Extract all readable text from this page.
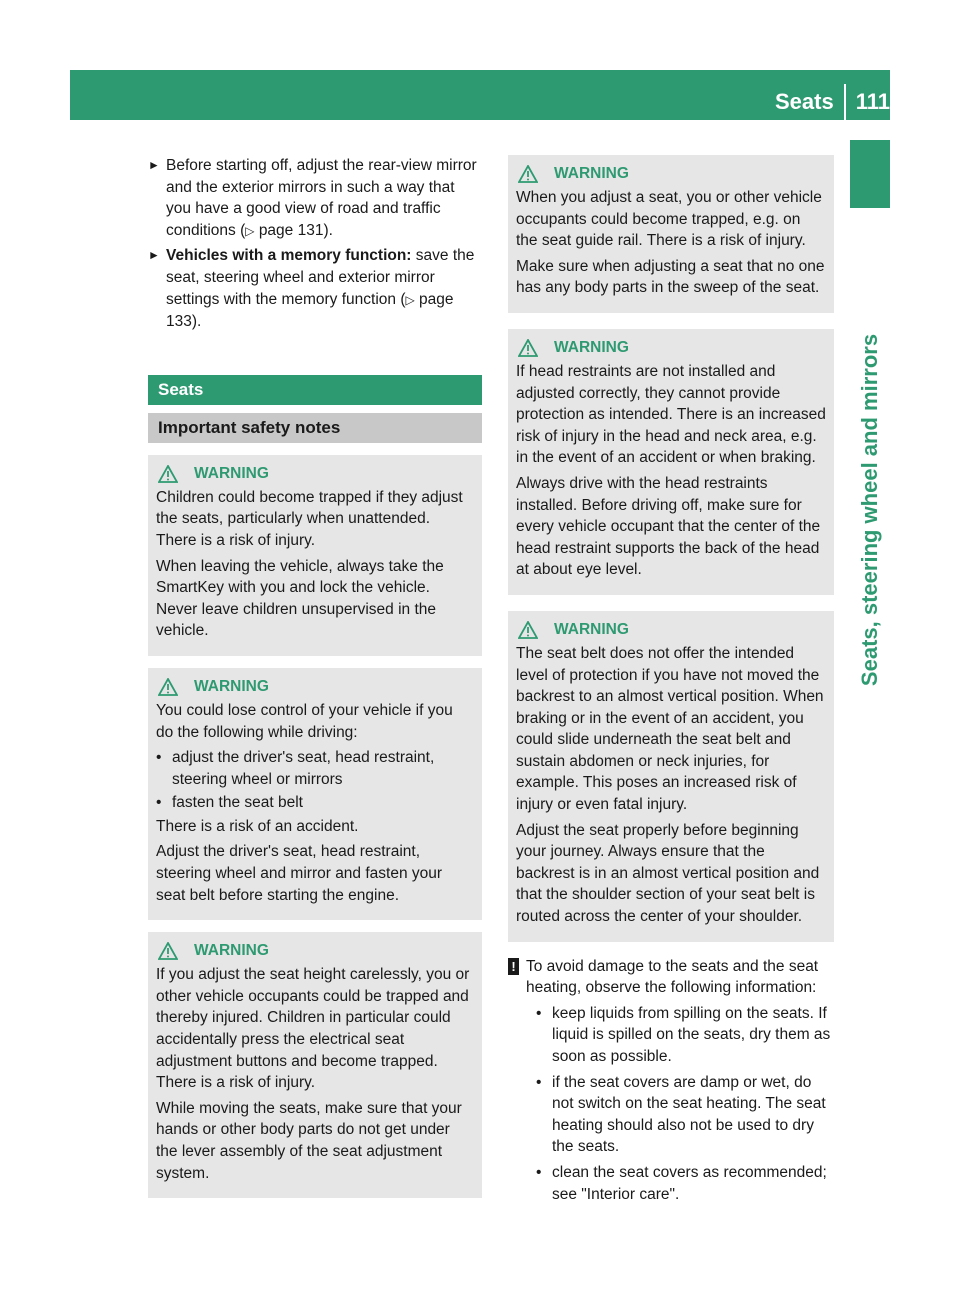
Seats 111
Seats, steering wheel and mirrors
► Before starting off, adjust the rear-view mirror and the exterior mirrors in such a way that you have a good view of road and traffic conditions (▷ page 131).
► Vehicles with a memory function: save the seat, steering wheel and exterior mirror settings with the memory function (▷ page 133).
Seats
Important safety notes
WARNING

Children could become trapped if they adjust the seats, particularly when unattended. There is a risk of injury.

When leaving the vehicle, always take the SmartKey with you and lock the vehicle. Never leave children unsupervised in the vehicle.

WARNING

You could lose control of your vehicle if you do the following while driving:

• adjust the driver's seat, head restraint, steering wheel or mirrors
• fasten the seat belt

There is a risk of an accident.

Adjust the driver's seat, head restraint, steering wheel and mirror and fasten your seat belt before starting the engine.

WARNING

If you adjust the seat height carelessly, you or other vehicle occupants could be trapped and thereby injured. Children in particular could accidentally press the electrical seat adjustment buttons and become trapped. There is a risk of injury.

While moving the seats, make sure that your hands or other body parts do not get under the lever assembly of the seat adjustment system.

WARNING

When you adjust a seat, you or other vehicle occupants could become trapped, e.g. on the seat guide rail. There is a risk of injury.

Make sure when adjusting a seat that no one has any body parts in the sweep of the seat.

WARNING

If head restraints are not installed and adjusted correctly, they cannot provide protection as intended. There is an increased risk of injury in the head and neck area, e.g. in the event of an accident or when braking.

Always drive with the head restraints installed. Before driving off, make sure for every vehicle occupant that the center of the head restraint supports the back of the head at about eye level.

WARNING

The seat belt does not offer the intended level of protection if you have not moved the backrest to an almost vertical position. When braking or in the event of an accident, you could slide underneath the seat belt and sustain abdomen or neck injuries, for example. This poses an increased risk of injury or even fatal injury.

Adjust the seat properly before beginning your journey. Always ensure that the backrest is in an almost vertical position and that the shoulder section of your seat belt is routed across the center of your shoulder.

! To avoid damage to the seats and the seat heating, observe the following information:
• keep liquids from spilling on the seats. If liquid is spilled on the seats, dry them as soon as possible.
• if the seat covers are damp or wet, do not switch on the seat heating. The seat heating should also not be used to dry the seats.
• clean the seat covers as recommended; see "Interior care".
